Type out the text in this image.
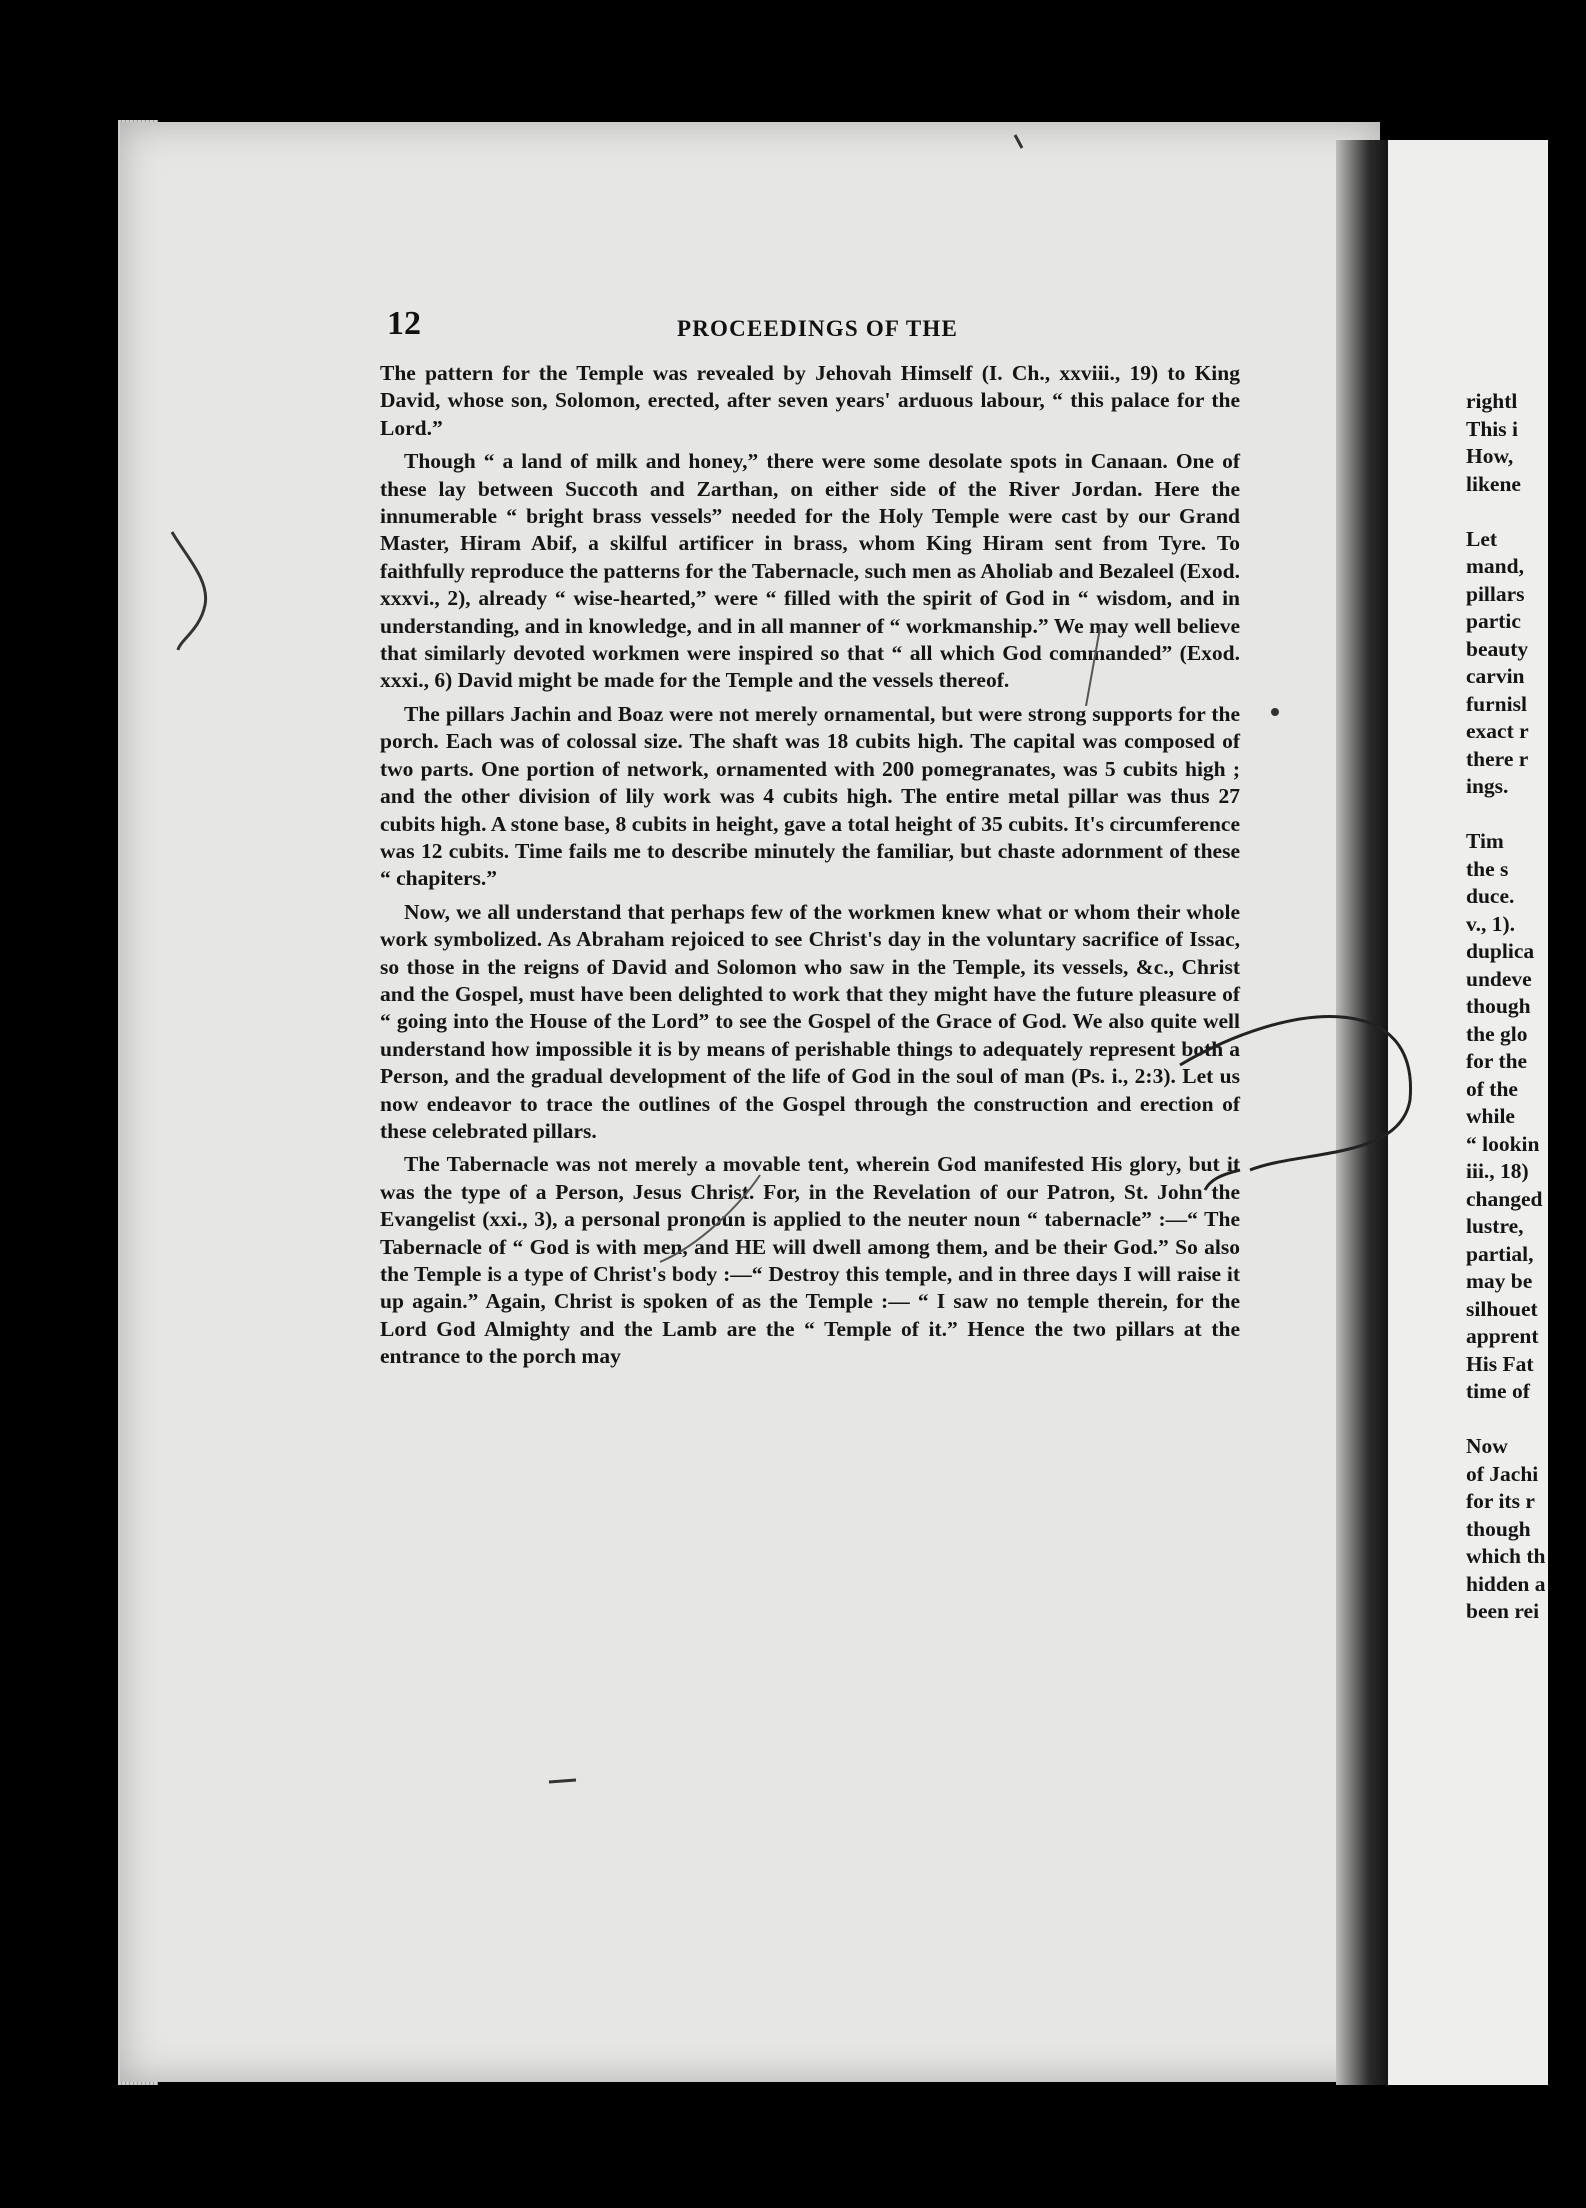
12	PROCEEDINGS OF THE

The pattern for the Temple was revealed by Jehovah Himself (I. Ch., xxviii., 19) to King David, whose son, Solomon, erected, after seven years' arduous labour, “ this palace for the Lord.”

Though “ a land of milk and honey,” there were some desolate spots in Canaan. One of these lay between Succoth and Zarthan, on either side of the River Jordan. Here the innumerable “ bright brass vessels” needed for the Holy Temple were cast by our Grand Master, Hiram Abif, a skilful artificer in brass, whom King Hiram sent from Tyre. To faithfully reproduce the patterns for the Tabernacle, such men as Aholiab and Bezaleel (Exod. xxxvi., 2), already “ wise-hearted,” were “ filled with the spirit of God in “ wisdom, and in understanding, and in knowledge, and in all manner of “ workmanship.” We may well believe that similarly devoted workmen were inspired so that “ all which God commanded” (Exod. xxxi., 6) David might be made for the Temple and the vessels thereof.

The pillars Jachin and Boaz were not merely ornamental, but were strong supports for the porch. Each was of colossal size. The shaft was 18 cubits high. The capital was composed of two parts. One portion of network, ornamented with 200 pomegranates, was 5 cubits high ; and the other division of lily work was 4 cubits high. The entire metal pillar was thus 27 cubits high. A stone base, 8 cubits in height, gave a total height of 35 cubits. It's circumference was 12 cubits. Time fails me to describe minutely the familiar, but chaste adornment of these “ chapiters.”

Now, we all understand that perhaps few of the workmen knew what or whom their whole work symbolized. As Abraham rejoiced to see Christ's day in the voluntary sacrifice of Issac, so those in the reigns of David and Solomon who saw in the Temple, its vessels, &c., Christ and the Gospel, must have been delighted to work that they might have the future pleasure of “ going into the House of the Lord” to see the Gospel of the Grace of God. We also quite well understand how impossible it is by means of perishable things to adequately represent both a Person, and the gradual development of the life of God in the soul of man (Ps. i., 2:3). Let us now endeavor to trace the outlines of the Gospel through the construction and erection of these celebrated pillars.

The Tabernacle was not merely a movable tent, wherein God manifested His glory, but it was the type of a Person, Jesus Christ. For, in the Revelation of our Patron, St. John the Evangelist (xxi., 3), a personal pronoun is applied to the neuter noun “ tabernacle” :—“ The Tabernacle of “ God is with men, and HE will dwell among them, and be their God.” So also the Temple is a type of Christ's body :—“ Destroy this temple, and in three days I will raise it up again.” Again, Christ is spoken of as the Temple :— “ I saw no temple therein, for the Lord God Almighty and the Lamb are the “ Temple of it.” Hence the two pillars at the entrance to the porch may

rightl
This i
How,
likene
Let
mand,
pillars
partic
beauty
carvin
furnisl
exact r
there r
ings.
Tim
the s
duce.
v., 1).
duplica
undeve
though
the glo
for the
of the
while
“ lookin
iii., 18)
changed
lustre,
partial,
may be
silhouet
apprent
His Fat
time of
Now
of Jachi
for its r
though
which th
hidden a
been rei
